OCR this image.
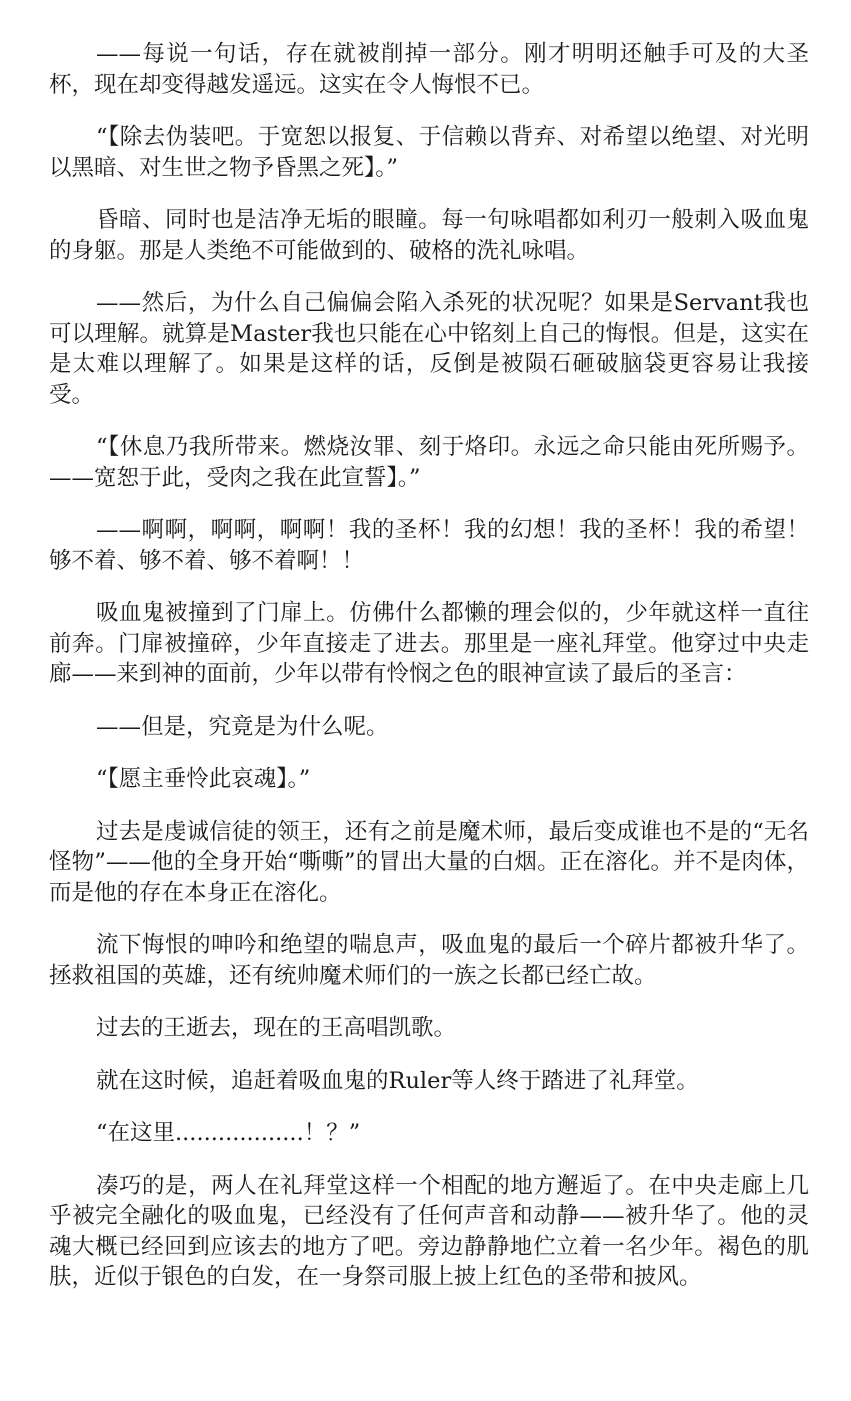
——每说一句话，存在就被削掉一部分。刚才明明还触手可及的大圣杯，现在却变得越发遥远。这实在令人悔恨不已。

“【除去伪装吧。于宽恕以报复、于信赖以背弃、对希望以绝望、对光明以黑暗、对生世之物予昏黑之死】。”

昏暗、同时也是洁净无垢的眼瞳。每一句咏唱都如利刃一般刺入吸血鬼的身躯。那是人类绝不可能做到的、破格的洗礼咏唱。

——然后，为什么自己偏偏会陷入杀死的状况呢？如果是Servant我也可以理解。就算是Master我也只能在心中铭刻上自己的悔恨。但是，这实在是太难以理解了。如果是这样的话，反倒是被陨石砸破脑袋更容易让我接受。

“【休息乃我所带来。燃烧汝罪、刻于烙印。永远之命只能由死所赐予。——宽恕于此，受肉之我在此宣誓】。”

——啊啊，啊啊，啊啊！我的圣杯！我的幻想！我的圣杯！我的希望！够不着、够不着、够不着啊！！

吸血鬼被撞到了门扉上。仿佛什么都懒的理会似的，少年就这样一直往前奔。门扉被撞碎，少年直接走了进去。那里是一座礼拜堂。他穿过中央走廊——来到神的面前，少年以带有怜悯之色的眼神宣读了最后的圣言：

——但是，究竟是为什么呢。

“【愿主垂怜此哀魂】。”

过去是虔诚信徒的领王，还有之前是魔术师，最后变成谁也不是的“无名怪物”——他的全身开始“嘶嘶”的冒出大量的白烟。正在溶化。并不是肉体，而是他的存在本身正在溶化。

流下悔恨的呻吟和绝望的喘息声，吸血鬼的最后一个碎片都被升华了。拯救祖国的英雄，还有统帅魔术师们的一族之长都已经亡故。

过去的王逝去，现在的王高唱凯歌。

就在这时候，追赶着吸血鬼的Ruler等人终于踏进了礼拜堂。

“在这里..................！？”

凑巧的是，两人在礼拜堂这样一个相配的地方邂逅了。在中央走廊上几乎被完全融化的吸血鬼，已经没有了任何声音和动静——被升华了。他的灵魂大概已经回到应该去的地方了吧。旁边静静地伫立着一名少年。褐色的肌肤，近似于银色的白发，在一身祭司服上披上红色的圣带和披风。
